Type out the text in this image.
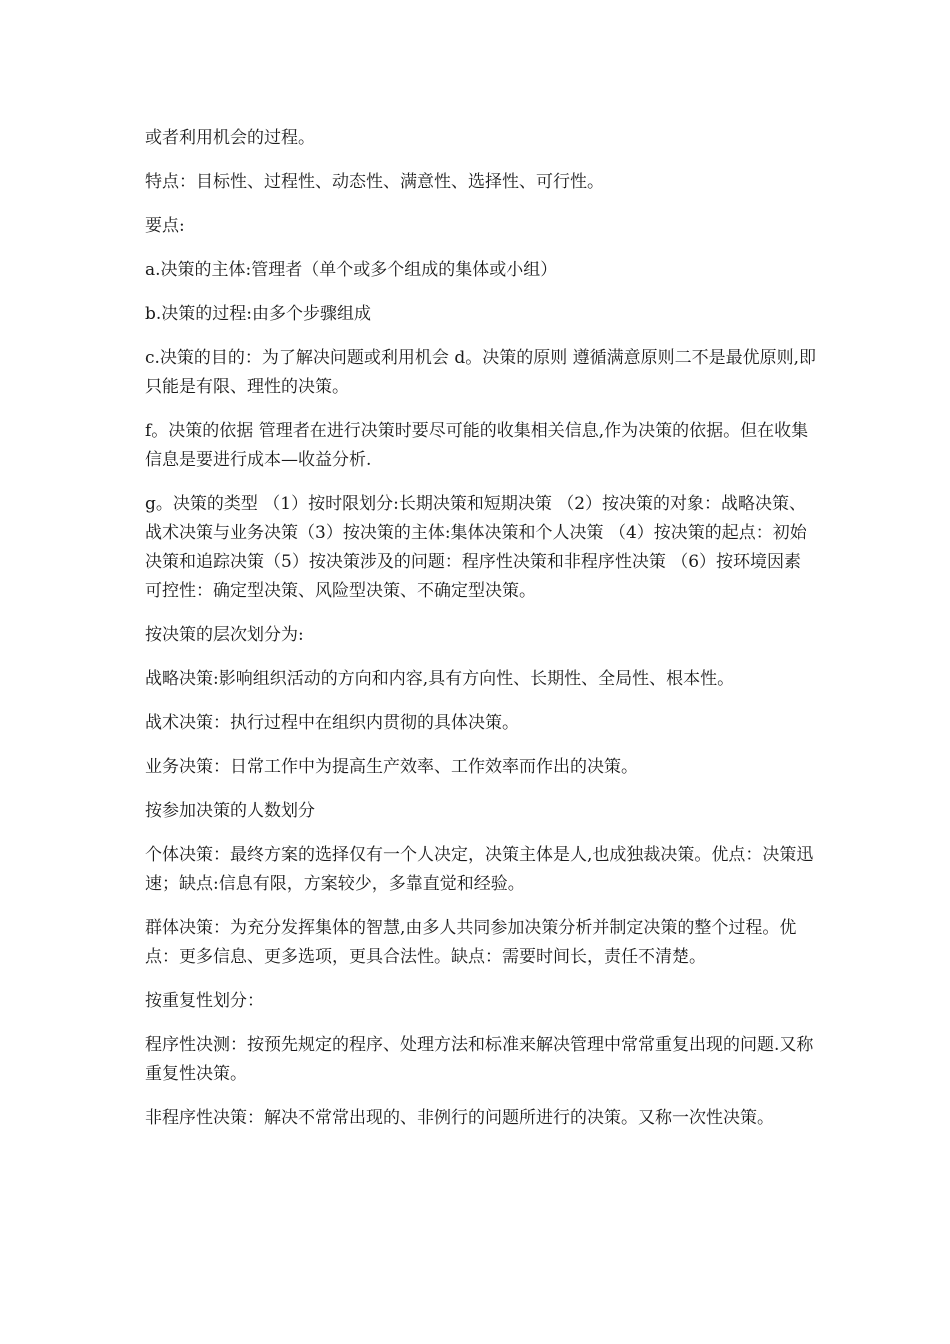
或者利用机会的过程。

特点：目标性、过程性、动态性、满意性、选择性、可行性。

要点:

a.决策的主体:管理者（单个或多个组成的集体或小组）

b.决策的过程:由多个步骤组成

c.决策的目的：为了解决问题或利用机会 d。决策的原则 遵循满意原则二不是最优原则,即只能是有限、理性的决策。

f。决策的依据 管理者在进行决策时要尽可能的收集相关信息,作为决策的依据。但在收集信息是要进行成本—收益分析.

g。决策的类型 （1）按时限划分:长期决策和短期决策 （2）按决策的对象：战略决策、战术决策与业务决策（3）按决策的主体:集体决策和个人决策 （4）按决策的起点：初始决策和追踪决策（5）按决策涉及的问题：程序性决策和非程序性决策 （6）按环境因素可控性：确定型决策、风险型决策、不确定型决策。

按决策的层次划分为:

战略决策:影响组织活动的方向和内容,具有方向性、长期性、全局性、根本性。

战术决策：执行过程中在组织内贯彻的具体决策。

业务决策：日常工作中为提高生产效率、工作效率而作出的决策。

按参加决策的人数划分

个体决策：最终方案的选择仅有一个人决定，决策主体是人,也成独裁决策。优点：决策迅速；缺点:信息有限，方案较少，多靠直觉和经验。

群体决策：为充分发挥集体的智慧,由多人共同参加决策分析并制定决策的整个过程。优点：更多信息、更多选项，更具合法性。缺点：需要时间长，责任不清楚。

按重复性划分：

程序性决测：按预先规定的程序、处理方法和标准来解决管理中常常重复出现的问题.又称重复性决策。

非程序性决策：解决不常常出现的、非例行的问题所进行的决策。又称一次性决策。
